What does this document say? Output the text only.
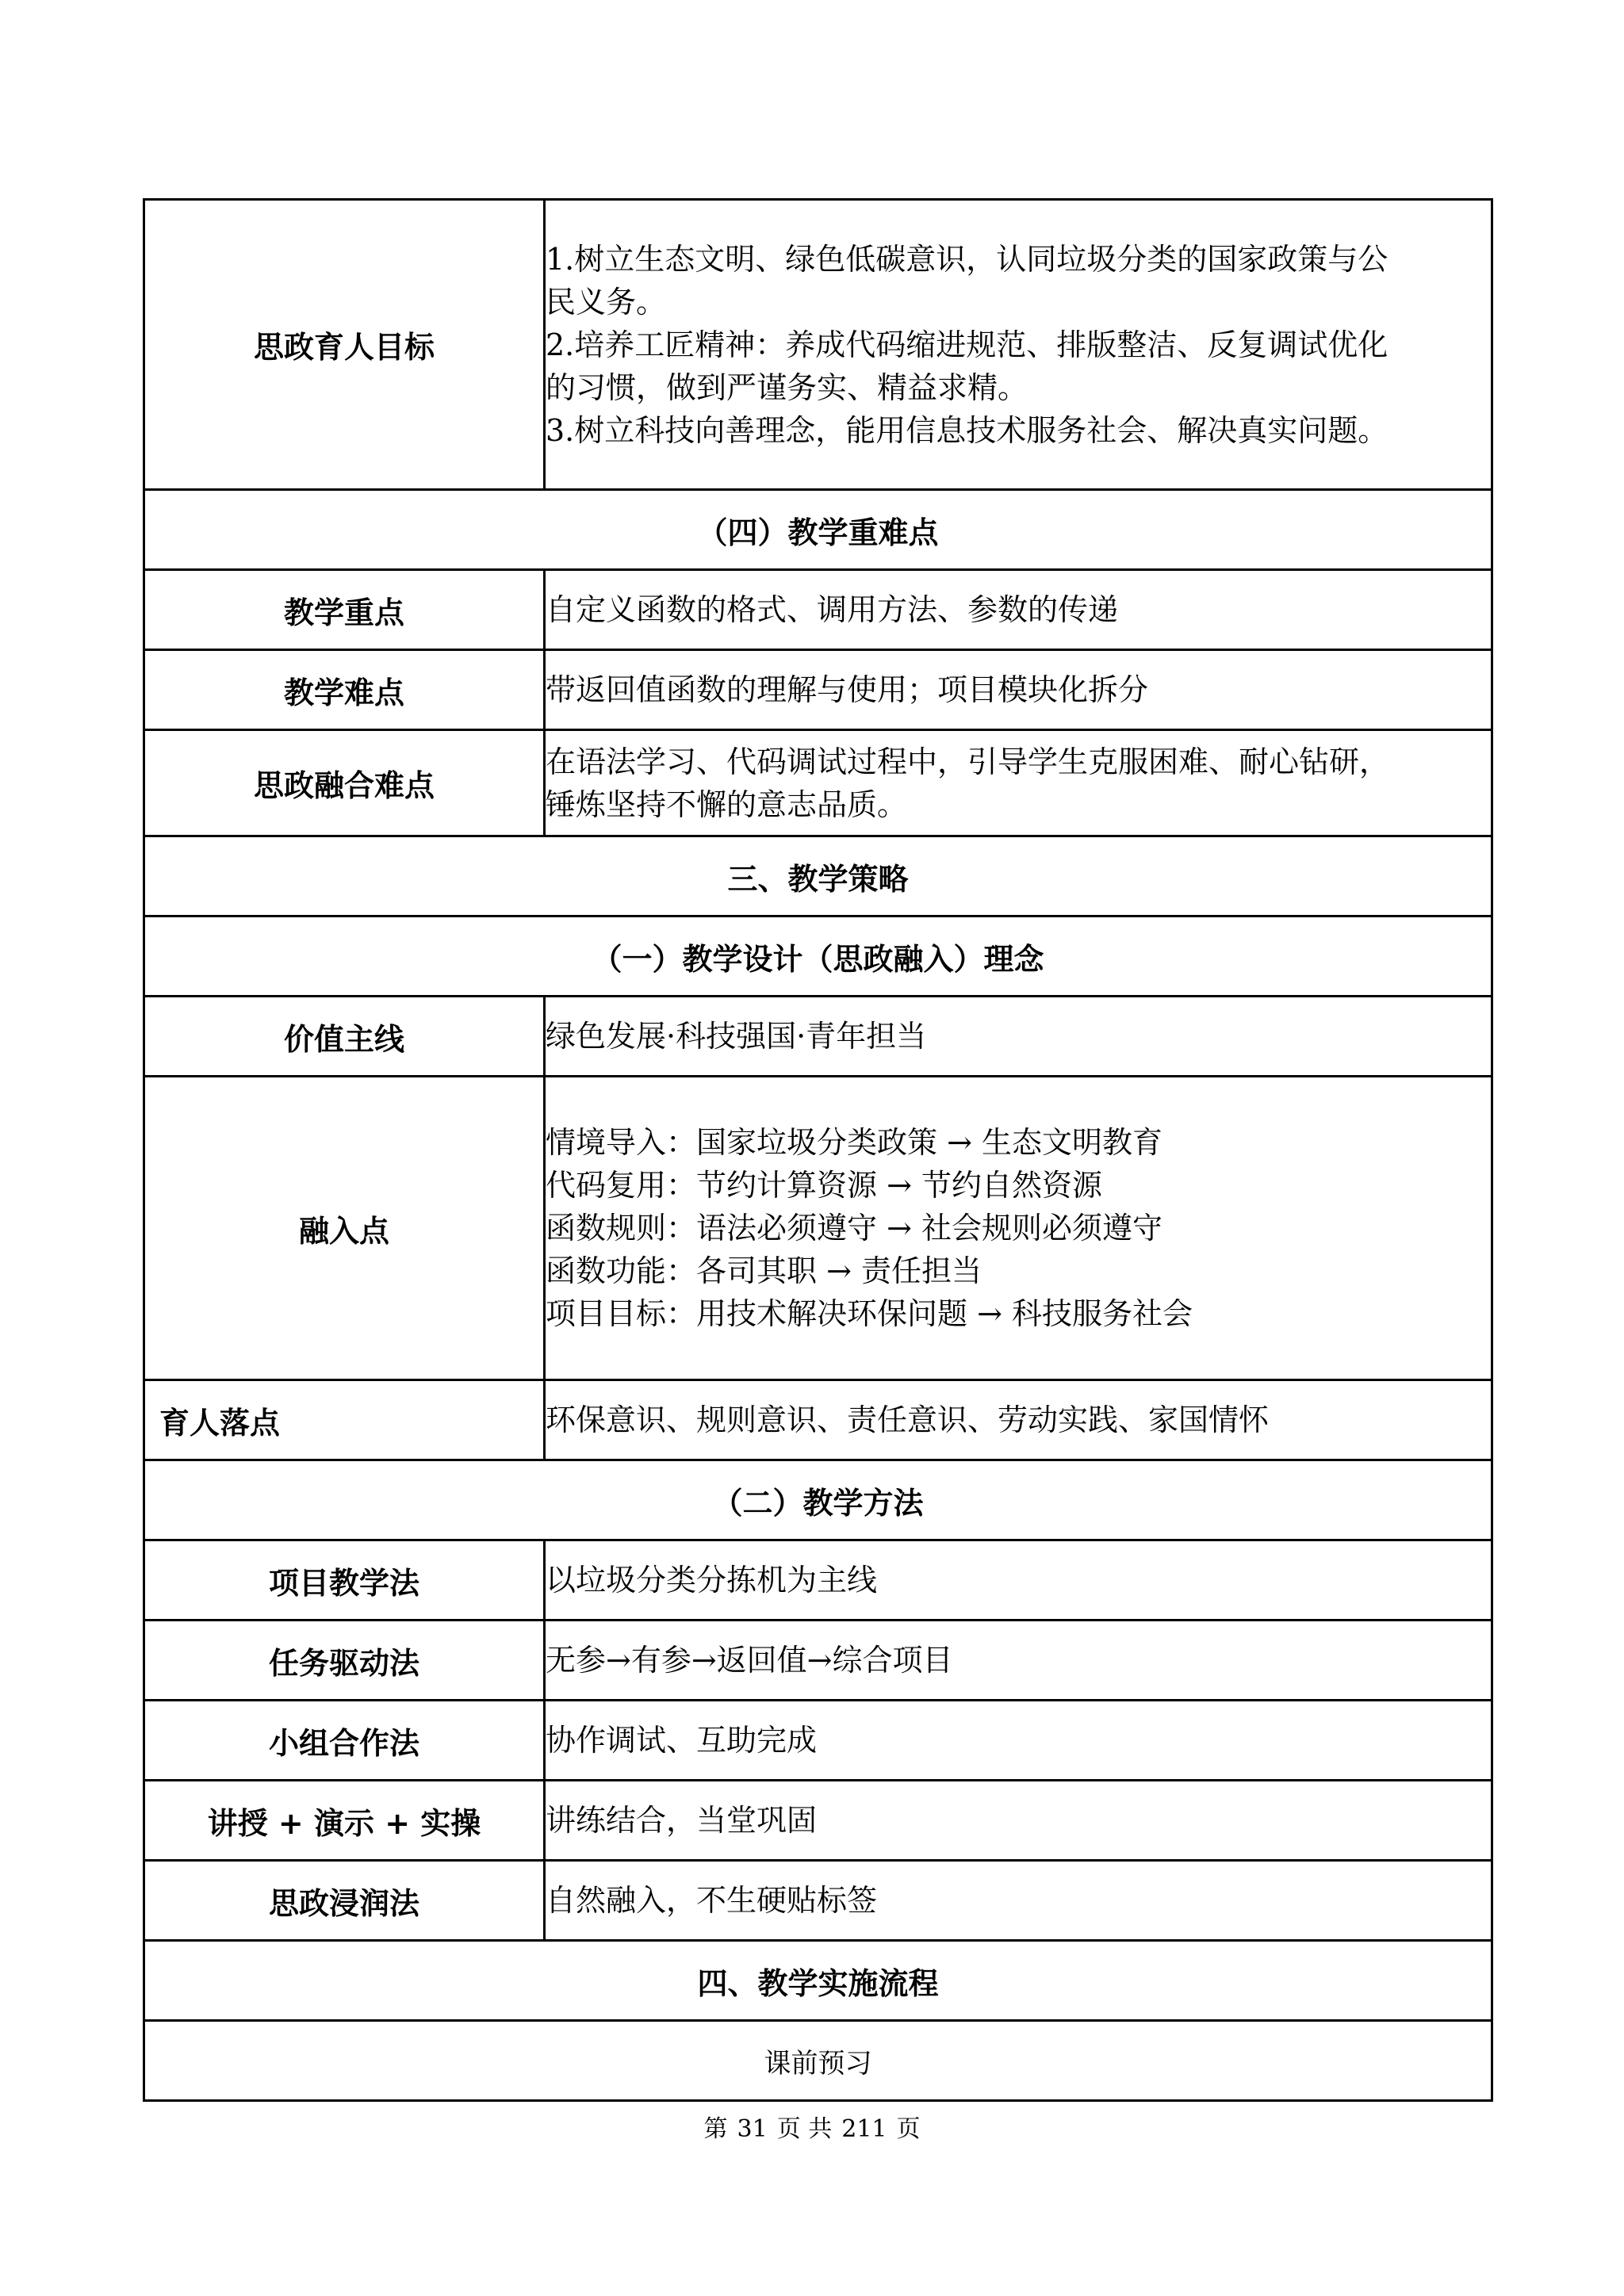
思政育人目标	1.树立生态文明、绿色低碳意识，认同垃圾分类的国家政策与公
民义务。
2.培养工匠精神：养成代码缩进规范、排版整洁、反复调试优化
的习惯，做到严谨务实、精益求精。
3.树立科技向善理念，能用信息技术服务社会、解决真实问题。

（四）教学重难点	
教学重点	自定义函数的格式、调用方法、参数的传递
教学难点	带返回值函数的理解与使用；项目模块化拆分
思政融合难点	在语法学习、代码调试过程中，引导学生克服困难、耐心钻研，
锤炼坚持不懈的意志品质。

三、教学策略	
（一）教学设计（思政融入）理念	
价值主线	绿色发展·科技强国·青年担当
融入点	情境导入：国家垃圾分类政策 → 生态文明教育
代码复用：节约计算资源 → 节约自然资源
函数规则：语法必须遵守 → 社会规则必须遵守
函数功能：各司其职 → 责任担当
项目目标：用技术解决环保问题 → 科技服务社会

育人落点	环保意识、规则意识、责任意识、劳动实践、家国情怀
（二）教学方法	
项目教学法	以垃圾分类分拣机为主线
任务驱动法	无参→有参→返回值→综合项目
小组合作法	协作调试、互助完成
讲授 + 演示 + 实操	讲练结合，当堂巩固
思政浸润法	自然融入，不生硬贴标签
四、教学实施流程	
课前预习	
第 31 页 共 211 页
